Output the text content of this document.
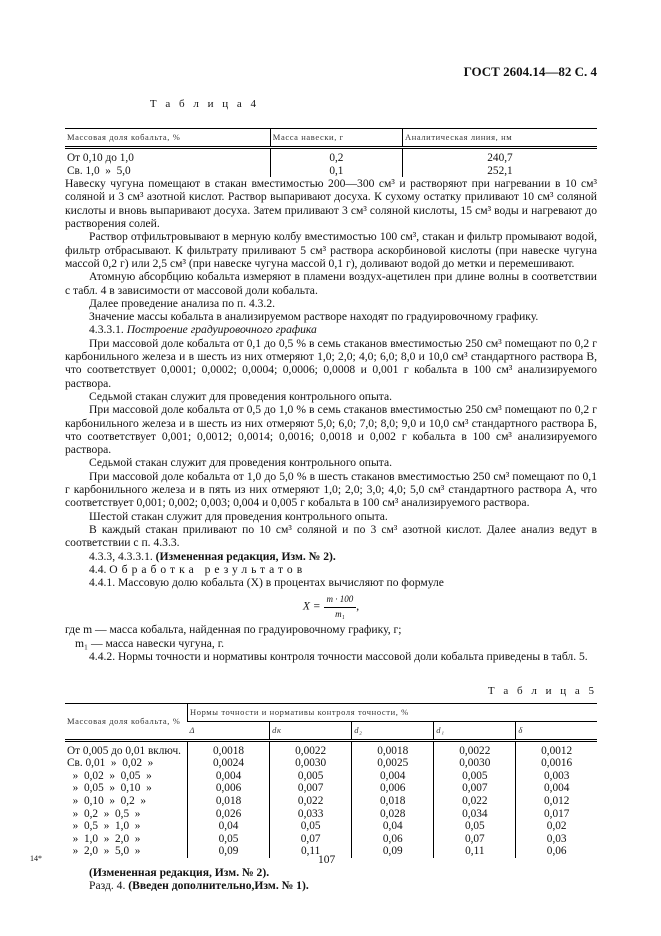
ГОСТ 2604.14—82 С. 4

Т а б л и ц а 4
Массовая доля кобальта, %	Масса навески, г	Аналитическая линия, нм
От 0,10 до 1,0	0,2	240,7
Св. 1,0  »  5,0	0,1	252,1
Навеску чугуна помещают в стакан вместимостью 200—300 см³ и растворяют при нагревании в 10 см³ соляной и 3 см³ азотной кислот. Раствор выпаривают досуха. К сухому остатку приливают 10 см³ соляной кислоты и вновь выпаривают досуха. Затем приливают 3 см³ соляной кислоты, 15 см³ воды и нагревают до растворения солей.

Раствор отфильтровывают в мерную колбу вместимостью 100 см³, стакан и фильтр промывают водой, фильтр отбрасывают. К фильтрату приливают 5 см³ раствора аскорбиновой кислоты (при навеске чугуна массой 0,2 г) или 2,5 см³ (при навеске чугуна массой 0,1 г), доливают водой до метки и перемешивают.

Атомную абсорбцию кобальта измеряют в пламени воздух-ацетилен при длине волны в соответствии с табл. 4 в зависимости от массовой доли кобальта.

Далее проведение анализа по п. 4.3.2.

Значение массы кобальта в анализируемом растворе находят по градуировочному графику.

4.3.3.1. Построение градуировочного графика

При массовой доле кобальта от 0,1 до 0,5 % в семь стаканов вместимостью 250 см³ помещают по 0,2 г карбонильного железа и в шесть из них отмеряют 1,0; 2,0; 4,0; 6,0; 8,0 и 10,0 см³ стандартного раствора В, что соответствует 0,0001; 0,0002; 0,0004; 0,0006; 0,0008 и 0,001 г кобальта в 100 см³ анализируемого раствора.

Седьмой стакан служит для проведения контрольного опыта.

При массовой доле кобальта от 0,5 до 1,0 % в семь стаканов вместимостью 250 см³ помещают по 0,2 г карбонильного железа и в шесть из них отмеряют 5,0; 6,0; 7,0; 8,0; 9,0 и 10,0 см³ стандартного раствора Б, что соответствует 0,001; 0,0012; 0,0014; 0,0016; 0,0018 и 0,002 г кобальта в 100 см³ анализируемого раствора.

Седьмой стакан служит для проведения контрольного опыта.

При массовой доле кобальта от 1,0 до 5,0 % в шесть стаканов вместимостью 250 см³ помещают по 0,1 г карбонильного железа и в пять из них отмеряют 1,0; 2,0; 3,0; 4,0; 5,0 см³ стандартного раствора А, что соответствует 0,001; 0,002; 0,003; 0,004 и 0,005 г кобальта в 100 см³ анализируемого раствора.

Шестой стакан служит для проведения контрольного опыта.

В каждый стакан приливают по 10 см³ соляной и по 3 см³ азотной кислот. Далее анализ ведут в соответствии с п. 4.3.3.

4.3.3, 4.3.3.1. (Измененная редакция, Изм. № 2).

4.4. Обработка результатов

4.4.1. Массовую долю кобальта (X) в процентах вычисляют по формуле

$X = \frac{m \cdot 100}{\text{m₁}}$ ,

где m — масса кобальта, найденная по градуировочному графику, г;

m₁ — масса навески чугуна, г.

4.4.2. Нормы точности и нормативы контроля точности массовой доли кобальта приведены в табл. 5.

Т а б л и ц а 5
Массовая доля кобальта, %	Нормы точности и нормативы контроля точности, %				
	Δ	dк	d₂	d₁	δ
От 0,005 до 0,01 включ.	0,0018	0,0022	0,0018	0,0022	0,0012
Св. 0,01  »  0,02  »	0,0024	0,0030	0,0025	0,0030	0,0016
»  0,02  »  0,05  »	0,004	0,005	0,004	0,005	0,003
»  0,05  »  0,10  »	0,006	0,007	0,006	0,007	0,004
»  0,10  »  0,2  »	0,018	0,022	0,018	0,022	0,012
»  0,2  »  0,5  »	0,026	0,033	0,028	0,034	0,017
»  0,5  »  1,0  »	0,04	0,05	0,04	0,05	0,02
»  1,0  »  2,0  »	0,05	0,07	0,06	0,07	0,03
»  2,0  »  5,0  »	0,09	0,11	0,09	0,11	0,06

(Измененная редакция, Изм. № 2).

Разд. 4. (Введен дополнительно,Изм. № 1).

14*	107
